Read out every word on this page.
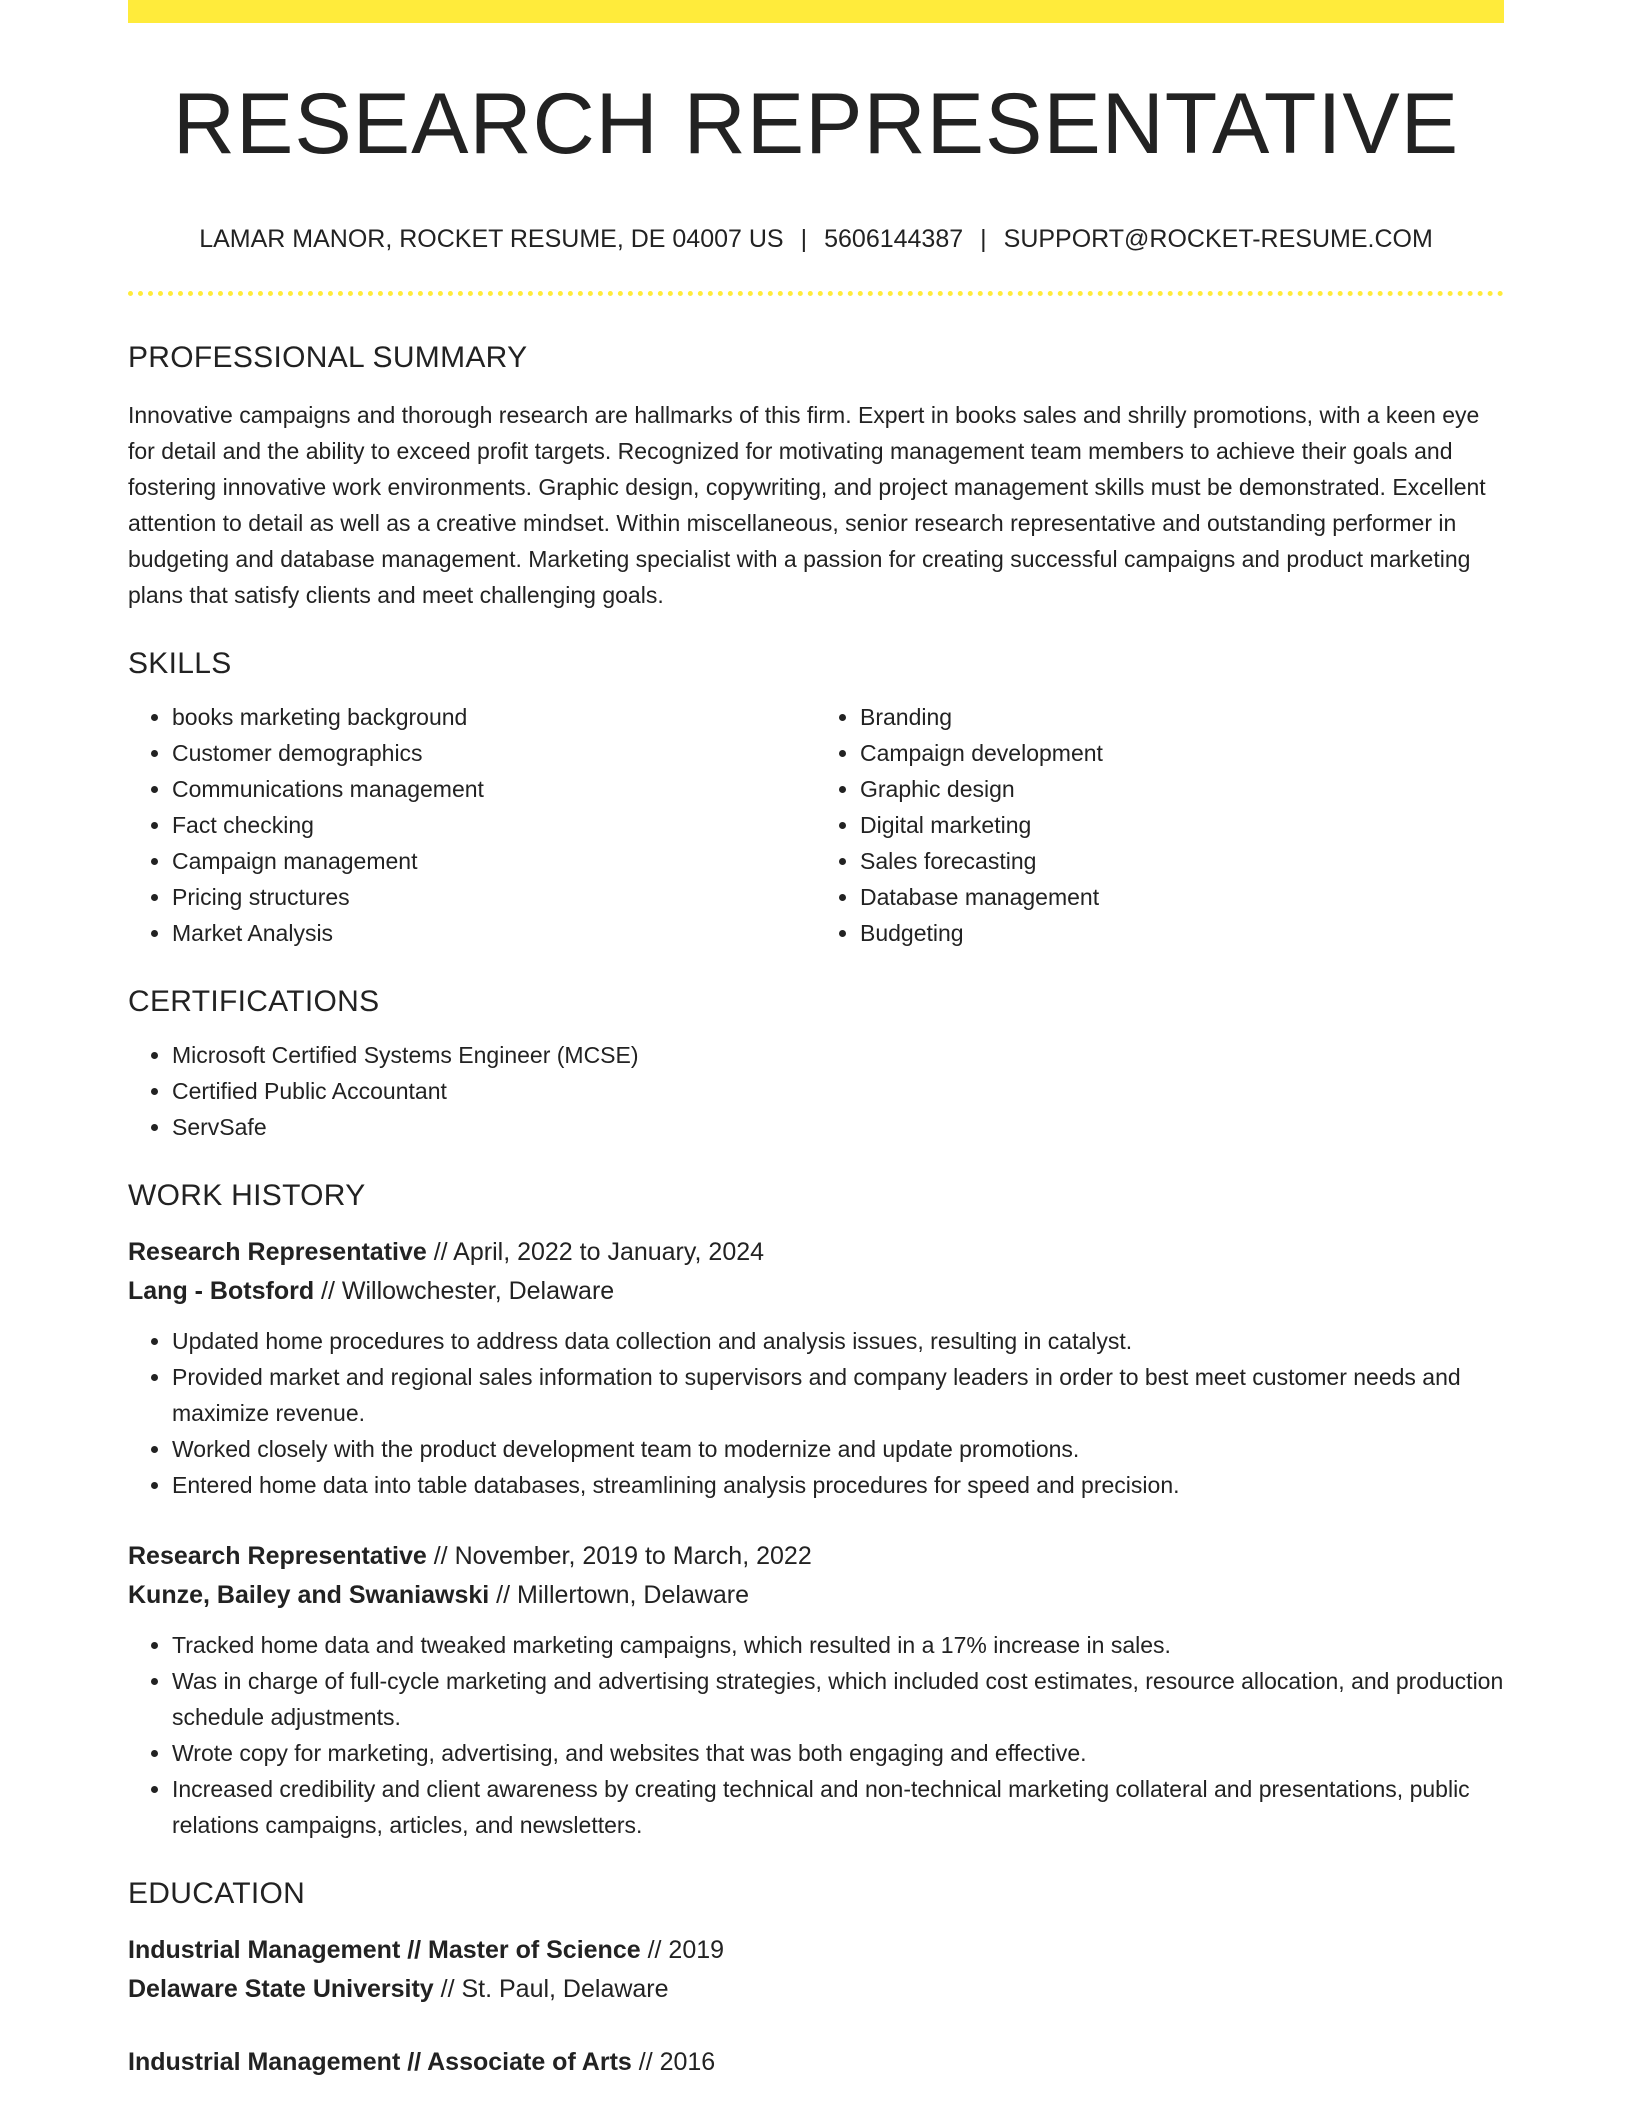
RESEARCH REPRESENTATIVE
LAMAR MANOR, ROCKET RESUME, DE 04007 US | 5606144387 | SUPPORT@ROCKET-RESUME.COM
PROFESSIONAL SUMMARY

Innovative campaigns and thorough research are hallmarks of this firm. Expert in books sales and shrilly promotions, with a keen eye for detail and the ability to exceed profit targets. Recognized for motivating management team members to achieve their goals and fostering innovative work environments. Graphic design, copywriting, and project management skills must be demonstrated. Excellent attention to detail as well as a creative mindset. Within miscellaneous, senior research representative and outstanding performer in budgeting and database management. Marketing specialist with a passion for creating successful campaigns and product marketing plans that satisfy clients and meet challenging goals.

SKILLS
• books marketing background
• Customer demographics
• Communications management
• Fact checking
• Campaign management
• Pricing structures
• Market Analysis
• Branding
• Campaign development
• Graphic design
• Digital marketing
• Sales forecasting
• Database management
• Budgeting
CERTIFICATIONS
• Microsoft Certified Systems Engineer (MCSE)
• Certified Public Accountant
• ServSafe
WORK HISTORY
Research Representative // April, 2022 to January, 2024
Lang - Botsford // Willowchester, Delaware
• Updated home procedures to address data collection and analysis issues, resulting in catalyst.
• Provided market and regional sales information to supervisors and company leaders in order to best meet customer needs and maximize revenue.
• Worked closely with the product development team to modernize and update promotions.
• Entered home data into table databases, streamlining analysis procedures for speed and precision.
Research Representative // November, 2019 to March, 2022
Kunze, Bailey and Swaniawski // Millertown, Delaware
• Tracked home data and tweaked marketing campaigns, which resulted in a 17% increase in sales.
• Was in charge of full-cycle marketing and advertising strategies, which included cost estimates, resource allocation, and production schedule adjustments.
• Wrote copy for marketing, advertising, and websites that was both engaging and effective.
• Increased credibility and client awareness by creating technical and non-technical marketing collateral and presentations, public relations campaigns, articles, and newsletters.
EDUCATION
Industrial Management // Master of Science // 2019
Delaware State University // St. Paul, Delaware
Industrial Management // Associate of Arts // 2016
